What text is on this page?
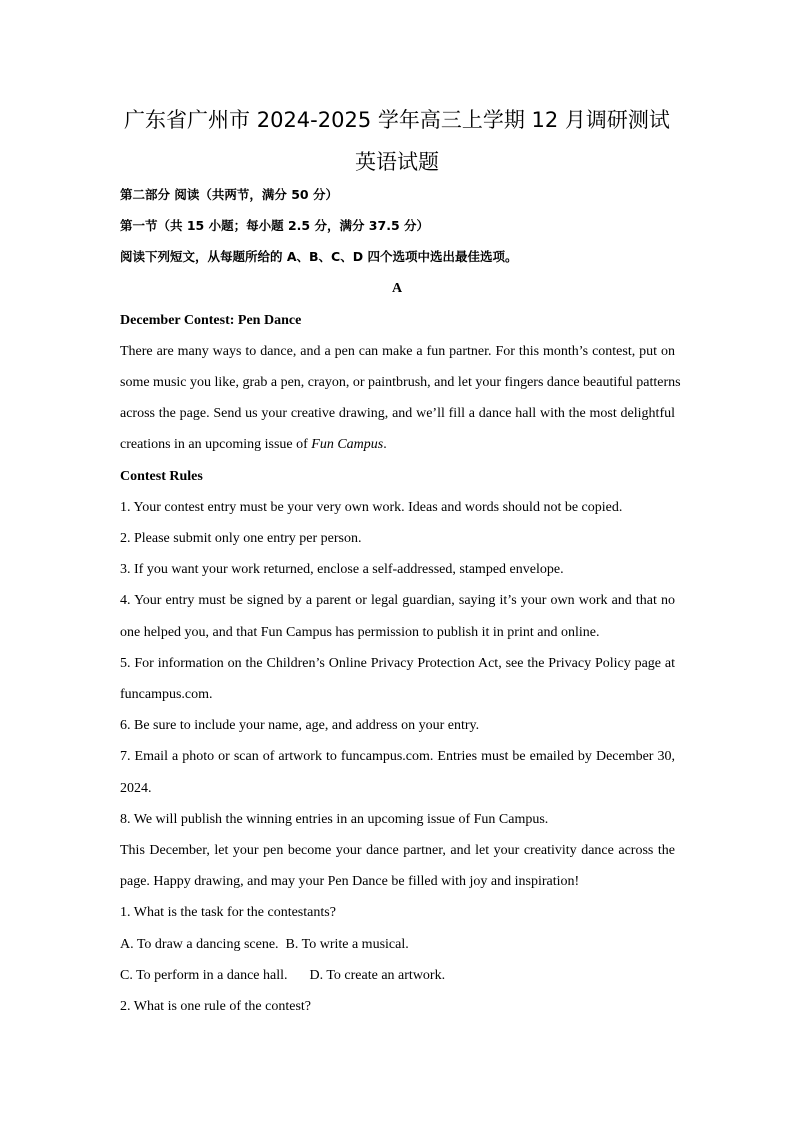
广东省广州市 2024-2025 学年高三上学期 12 月调研测试
英语试题
第二部分 阅读（共两节，满分 50 分）
第一节（共 15 小题；每小题 2.5 分，满分 37.5 分）
阅读下列短文，从每题所给的 A、B、C、D 四个选项中选出最佳选项。
A
December Contest: Pen Dance
There are many ways to dance, and a pen can make a fun partner. For this month’s contest, put on
some music you like, grab a pen, crayon, or paintbrush, and let your fingers dance beautiful patterns
across the page. Send us your creative drawing, and we’ll fill a dance hall with the most delightful
creations in an upcoming issue of Fun Campus.
Contest Rules
1. Your contest entry must be your very own work. Ideas and words should not be copied.
2. Please submit only one entry per person.
3. If you want your work returned, enclose a self-addressed, stamped envelope.
4. Your entry must be signed by a parent or legal guardian, saying it’s your own work and that no
one helped you, and that Fun Campus has permission to publish it in print and online.
5. For information on the Children’s Online Privacy Protection Act, see the Privacy Policy page at
funcampus.com.
6. Be sure to include your name, age, and address on your entry.
7. Email a photo or scan of artwork to funcampus.com. Entries must be emailed by December 30,
2024.
8. We will publish the winning entries in an upcoming issue of Fun Campus.
This December, let your pen become your dance partner, and let your creativity dance across the
page. Happy drawing, and may your Pen Dance be filled with joy and inspiration!
1. What is the task for the contestants?
A. To draw a dancing scene. B. To write a musical.
C. To perform in a dance hall. D. To create an artwork.
2. What is one rule of the contest?
